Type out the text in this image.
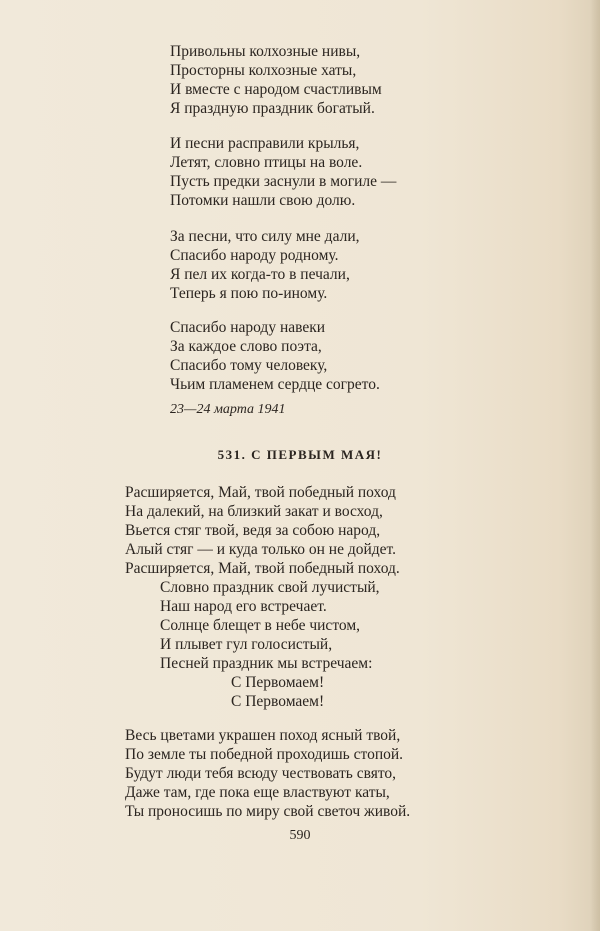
Привольны колхозные нивы,
Просторны колхозные хаты,
И вместе с народом счастливым
Я праздную праздник богатый.
И песни расправили крылья,
Летят, словно птицы на воле.
Пусть предки заснули в могиле —
Потомки нашли свою долю.
За песни, что силу мне дали,
Спасибо народу родному.
Я пел их когда-то в печали,
Теперь я пою по-иному.
Спасибо народу навеки
За каждое слово поэта,
Спасибо тому человеку,
Чьим пламенем сердце согрето.
23—24 марта 1941
531. С ПЕРВЫМ МАЯ!
Расширяется, Май, твой победный поход
На далекий, на близкий закат и восход,
Вьется стяг твой, ведя за собою народ,
Алый стяг — и куда только он не дойдет.
Расширяется, Май, твой победный поход.
Словно праздник свой лучистый,
Наш народ его встречает.
Солнце блещет в небе чистом,
И плывет гул голосистый,
Песней праздник мы встречаем:
С Первомаем!
С Первомаем!
Весь цветами украшен поход ясный твой,
По земле ты победной проходишь стопой.
Будут люди тебя всюду чествовать свято,
Даже там, где пока еще властвуют каты,
Ты проносишь по миру свой светоч живой.
590
